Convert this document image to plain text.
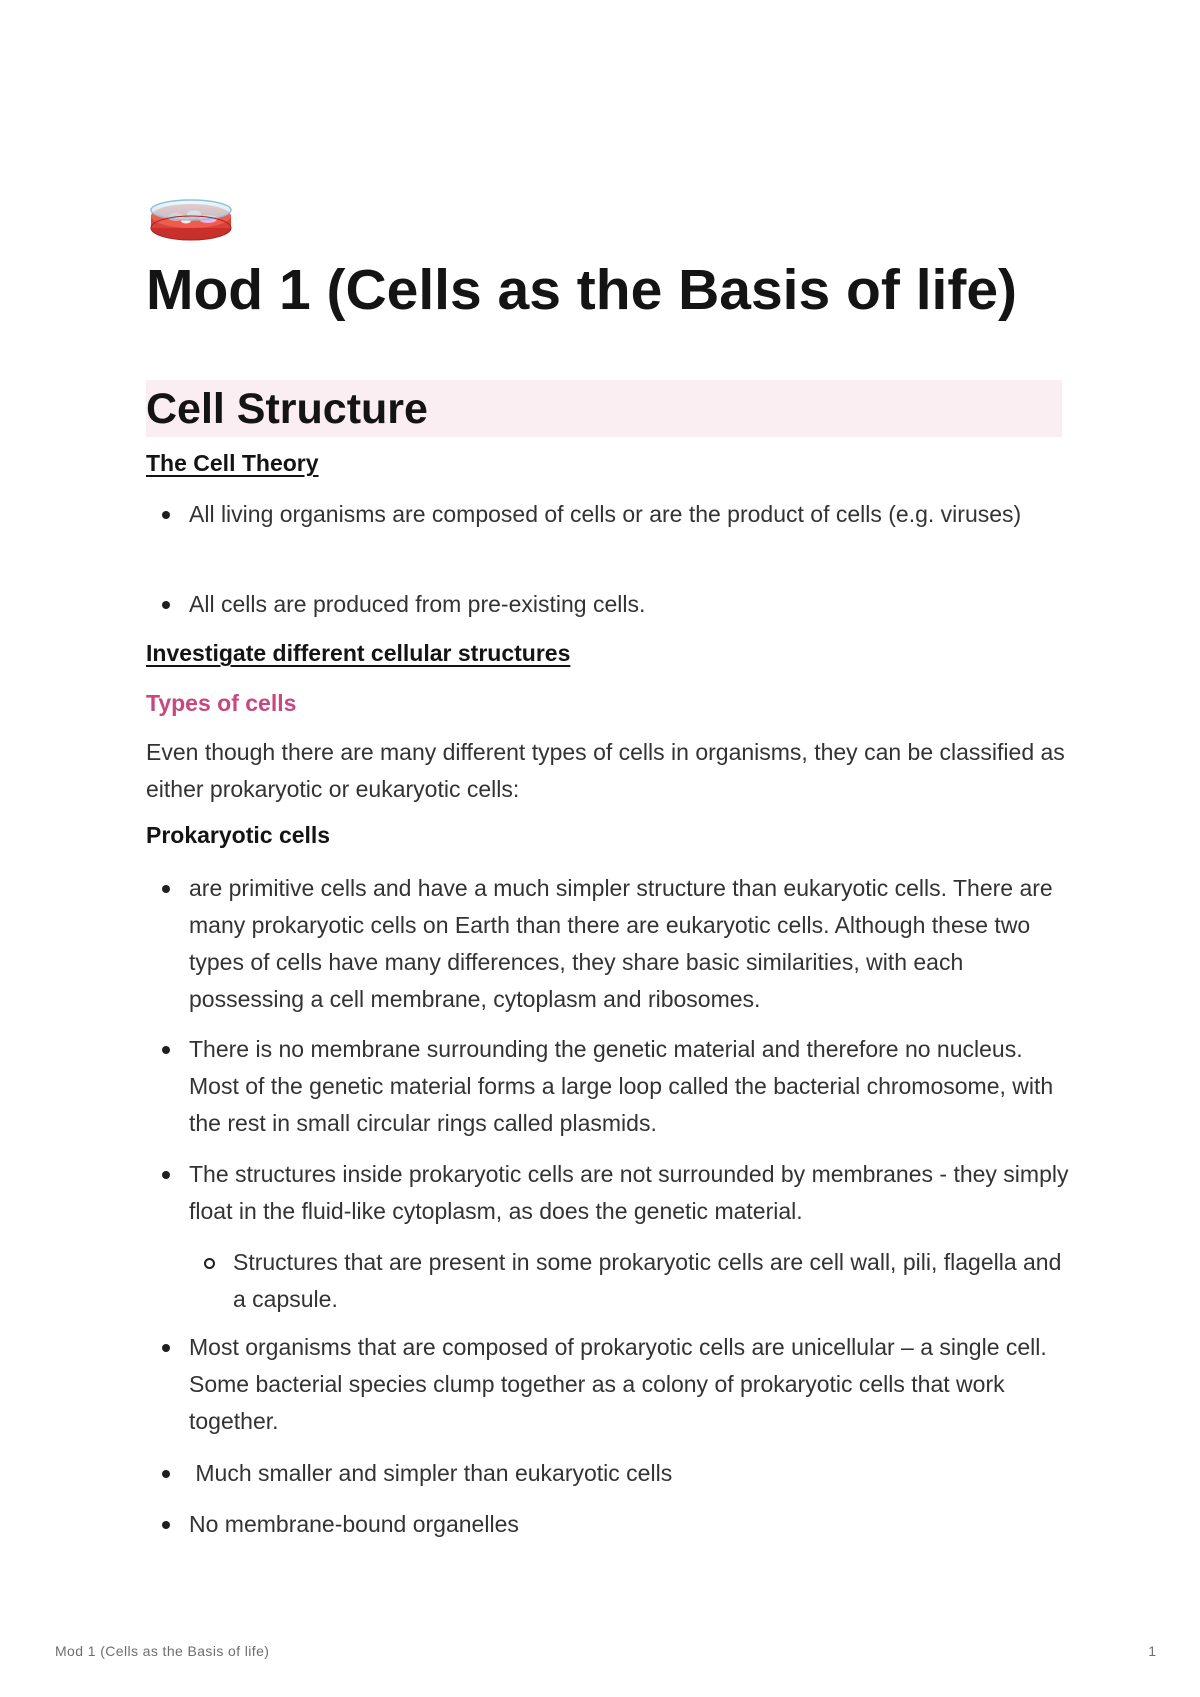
Mod 1 (Cells as the Basis of life)
Cell Structure
The Cell Theory
All living organisms are composed of cells or are the product of cells (e.g. viruses)
All cells are produced from pre-existing cells.
Investigate different cellular structures
Types of cells
Even though there are many different types of cells in organisms, they can be classified as either prokaryotic or eukaryotic cells:
Prokaryotic cells
are primitive cells and have a much simpler structure than eukaryotic cells. There are many prokaryotic cells on Earth than there are eukaryotic cells. Although these two types of cells have many differences, they share basic similarities, with each possessing a cell membrane, cytoplasm and ribosomes.
There is no membrane surrounding the genetic material and therefore no nucleus. Most of the genetic material forms a large loop called the bacterial chromosome, with the rest in small circular rings called plasmids.
The structures inside prokaryotic cells are not surrounded by membranes - they simply float in the fluid-like cytoplasm, as does the genetic material.
Structures that are present in some prokaryotic cells are cell wall, pili, flagella and a capsule.
Most organisms that are composed of prokaryotic cells are unicellular – a single cell. Some bacterial species clump together as a colony of prokaryotic cells that work together.
Much smaller and simpler than eukaryotic cells
No membrane-bound organelles
Mod 1 (Cells as the Basis of life)	1
